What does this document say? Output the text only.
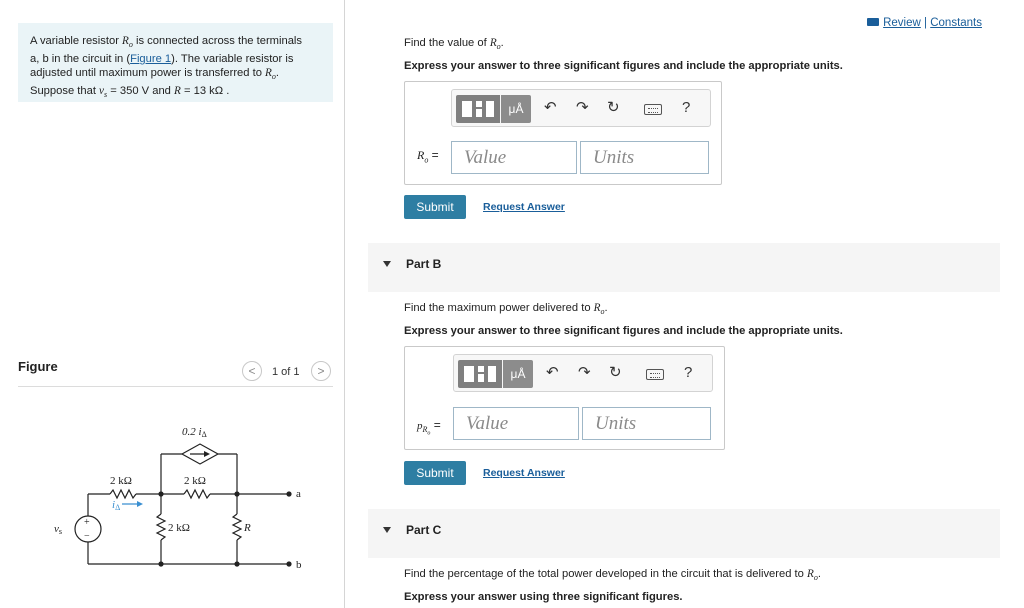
A variable resistor $R_o$ is connected across the terminals
a, b in the circuit in (Figure 1). The variable resistor is
adjusted until maximum power is transferred to $R_o$.
Suppose that $v_s = 350$ V and R = 13 kΩ .
Figure	<	1 of 1	>
0.2 iΔ
2 kΩ	2 kΩ
2 kΩ	R
iΔ
vs
+
−
a
b
Review | Constants
Find the value of $R_o$.
Express your answer to three significant figures and include the appropriate units.
μÅ	↶ ↷ ↻	?
$R_o$ =	Value	Units
Submit	Request Answer
Part B
Find the maximum power delivered to $R_o$.
Express your answer to three significant figures and include the appropriate units.
μÅ	↶ ↷ ↻	?
$p_{R_o}$ =	Value	Units
Submit	Request Answer
Part C
Find the percentage of the total power developed in the circuit that is delivered to $R_o$.
Express your answer using three significant figures.
